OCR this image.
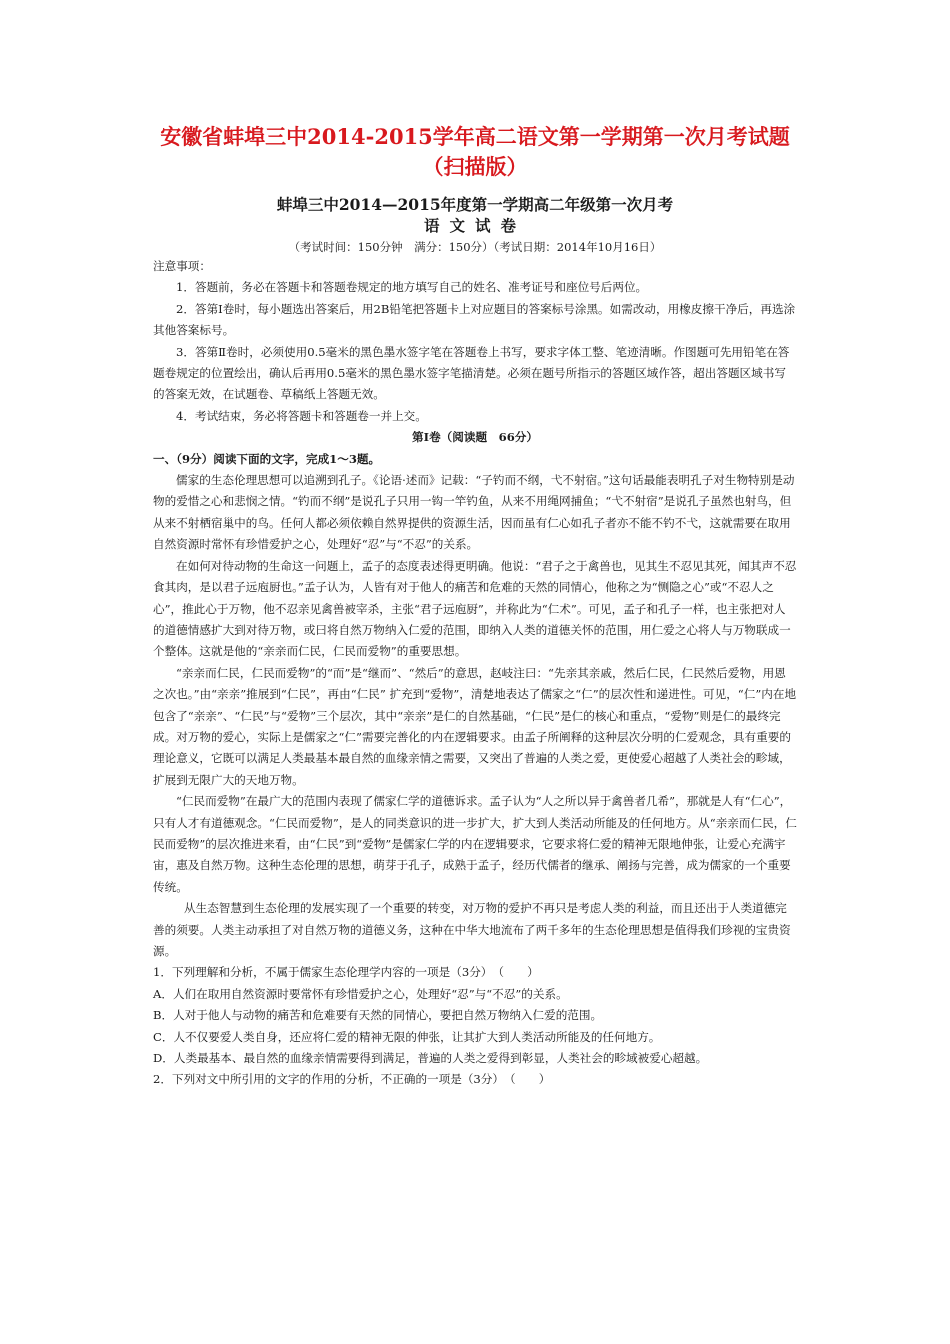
安徽省蚌埠三中2014-2015学年高二语文第一学期第一次月考试题
（扫描版）
蚌埠三中2014—2015年度第一学期高二年级第一次月考
语文试卷
（考试时间：150分钟　满分：150分）（考试日期：2014年10月16日）

注意事项：

1．答题前，务必在答题卡和答题卷规定的地方填写自己的姓名、准考证号和座位号后两位。

2．答第Ⅰ卷时，每小题选出答案后，用2B铅笔把答题卡上对应题目的答案标号涂黑。如需改动，用橡皮擦干净后，再选涂其他答案标号。

3．答第Ⅱ卷时，必须使用0.5毫米的黑色墨水签字笔在答题卷上书写，要求字体工整、笔迹清晰。作图题可先用铅笔在答题卷规定的位置绘出，确认后再用0.5毫米的黑色墨水签字笔描清楚。必须在题号所指示的答题区域作答，超出答题区域书写的答案无效，在试题卷、草稿纸上答题无效。

4．考试结束，务必将答题卡和答题卷一并上交。

第Ⅰ卷（阅读题　66分）

一、（9分）阅读下面的文字，完成1～3题。

儒家的生态伦理思想可以追溯到孔子。《论语·述而》记载：“子钓而不纲，弋不射宿。”这句话最能表明孔子对生物特别是动物的爱惜之心和悲悯之情。“钓而不纲”是说孔子只用一钩一竿钓鱼，从来不用绳网捕鱼；“弋不射宿”是说孔子虽然也射鸟，但从来不射栖宿巢中的鸟。任何人都必须依赖自然界提供的资源生活，因而虽有仁心如孔子者亦不能不钓不弋，这就需要在取用自然资源时常怀有珍惜爱护之心，处理好“忍”与“不忍”的关系。

在如何对待动物的生命这一问题上，孟子的态度表述得更明确。他说：“君子之于禽兽也，见其生不忍见其死，闻其声不忍食其肉，是以君子远庖厨也。”孟子认为，人皆有对于他人的痛苦和危难的天然的同情心，他称之为“恻隐之心”或“不忍人之心”，推此心于万物，他不忍亲见禽兽被宰杀，主张“君子远庖厨”，并称此为“仁术”。可见，孟子和孔子一样，也主张把对人的道德情感扩大到对待万物，或曰将自然万物纳入仁爱的范围，即纳入人类的道德关怀的范围，用仁爱之心将人与万物联成一个整体。这就是他的“亲亲而仁民，仁民而爱物”的重要思想。

“亲亲而仁民，仁民而爱物”的“而”是“继而”、“然后”的意思，赵岐注曰：“先亲其亲戚，然后仁民，仁民然后爱物，用恩之次也。”由“亲亲”推展到“仁民”，再由“仁民” 扩充到“爱物”，清楚地表达了儒家之“仁”的层次性和递进性。可见，“仁”内在地包含了“亲亲”、“仁民”与“爱物”三个层次，其中“亲亲”是仁的自然基础，“仁民”是仁的核心和重点，“爱物”则是仁的最终完成。对万物的爱心，实际上是儒家之“仁”需要完善化的内在逻辑要求。由孟子所阐释的这种层次分明的仁爱观念，具有重要的理论意义，它既可以满足人类最基本最自然的血缘亲情之需要，又突出了普遍的人类之爱，更使爱心超越了人类社会的畛域，扩展到无限广大的天地万物。

“仁民而爱物”在最广大的范围内表现了儒家仁学的道德诉求。孟子认为“人之所以异于禽兽者几希”，那就是人有“仁心”，只有人才有道德观念。“仁民而爱物”，是人的同类意识的进一步扩大，扩大到人类活动所能及的任何地方。从“亲亲而仁民，仁民而爱物”的层次推进来看，由“仁民”到“爱物”是儒家仁学的内在逻辑要求，它要求将仁爱的精神无限地伸张，让爱心充满宇宙，惠及自然万物。这种生态伦理的思想，萌芽于孔子，成熟于孟子，经历代儒者的继承、阐扬与完善，成为儒家的一个重要传统。

从生态智慧到生态伦理的发展实现了一个重要的转变，对万物的爱护不再只是考虑人类的利益，而且还出于人类道德完善的须要。人类主动承担了对自然万物的道德义务，这种在中华大地流布了两千多年的生态伦理思想是值得我们珍视的宝贵资源。

1．下列理解和分析，不属于儒家生态伦理学内容的一项是（3分）　（　　）

A．人们在取用自然资源时要常怀有珍惜爱护之心，处理好“忍”与“不忍”的关系。

B．人对于他人与动物的痛苦和危难要有天然的同情心，要把自然万物纳入仁爱的范围。

C．人不仅要爱人类自身，还应将仁爱的精神无限的伸张，让其扩大到人类活动所能及的任何地方。

D．人类最基本、最自然的血缘亲情需要得到满足，普遍的人类之爱得到彰显，人类社会的畛域被爱心超越。

2．下列对文中所引用的文字的作用的分析，不正确的一项是（3分）　（　　）
